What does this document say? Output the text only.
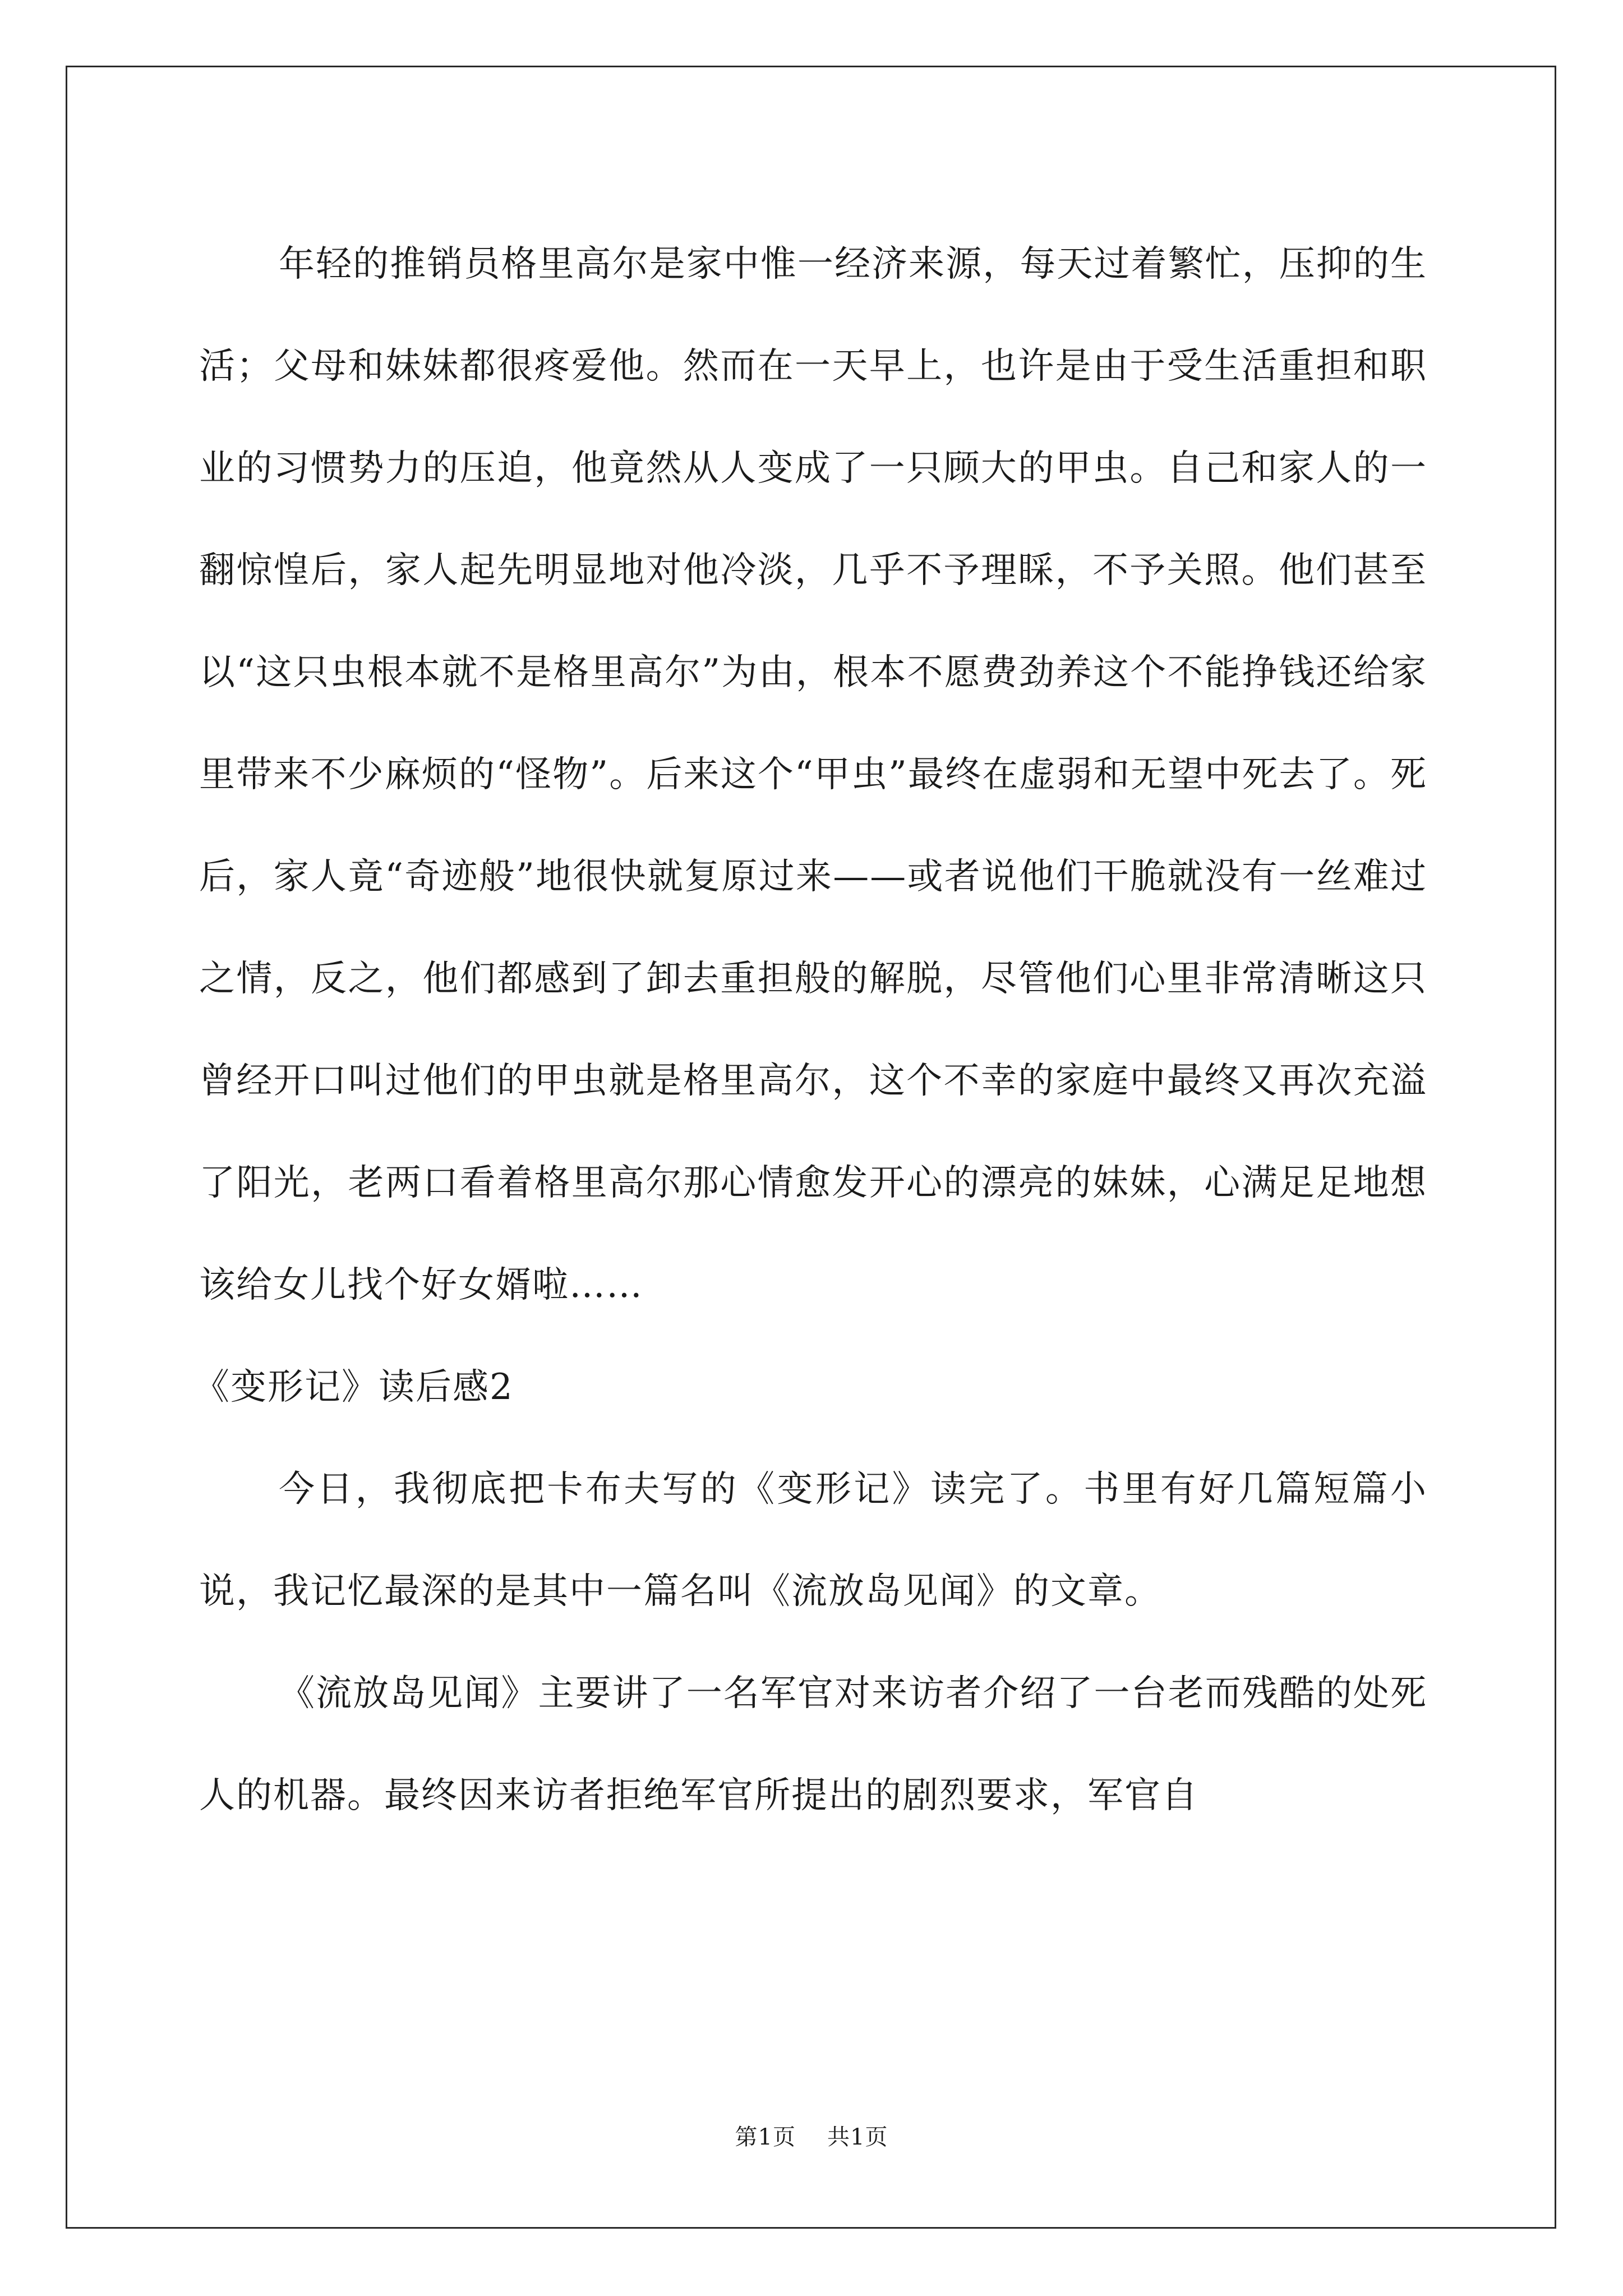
年轻的推销员格里高尔是家中惟一经济来源，每天过着繁忙，压抑的生活；父母和妹妹都很疼爱他。然而在一天早上，也许是由于受生活重担和职业的习惯势力的压迫，他竟然从人变成了一只顾大的甲虫。自己和家人的一翻惊惶后，家人起先明显地对他冷淡，几乎不予理睬，不予关照。他们甚至以“这只虫根本就不是格里高尔”为由，根本不愿费劲养这个不能挣钱还给家里带来不少麻烦的“怪物”。后来这个“甲虫”最终在虚弱和无望中死去了。死后，家人竟“奇迹般”地很快就复原过来——或者说他们干脆就没有一丝难过之情，反之，他们都感到了卸去重担般的解脱，尽管他们心里非常清晰这只曾经开口叫过他们的甲虫就是格里高尔，这个不幸的家庭中最终又再次充溢了阳光，老两口看着格里高尔那心情愈发开心的漂亮的妹妹，心满足足地想该给女儿找个好女婿啦……

《变形记》读后感2

今日，我彻底把卡布夫写的《变形记》读完了。书里有好几篇短篇小说，我记忆最深的是其中一篇名叫《流放岛见闻》的文章。

《流放岛见闻》主要讲了一名军官对来访者介绍了一台老而残酷的处死人的机器。最终因来访者拒绝军官所提出的剧烈要求，军官自

第1页 共1页
